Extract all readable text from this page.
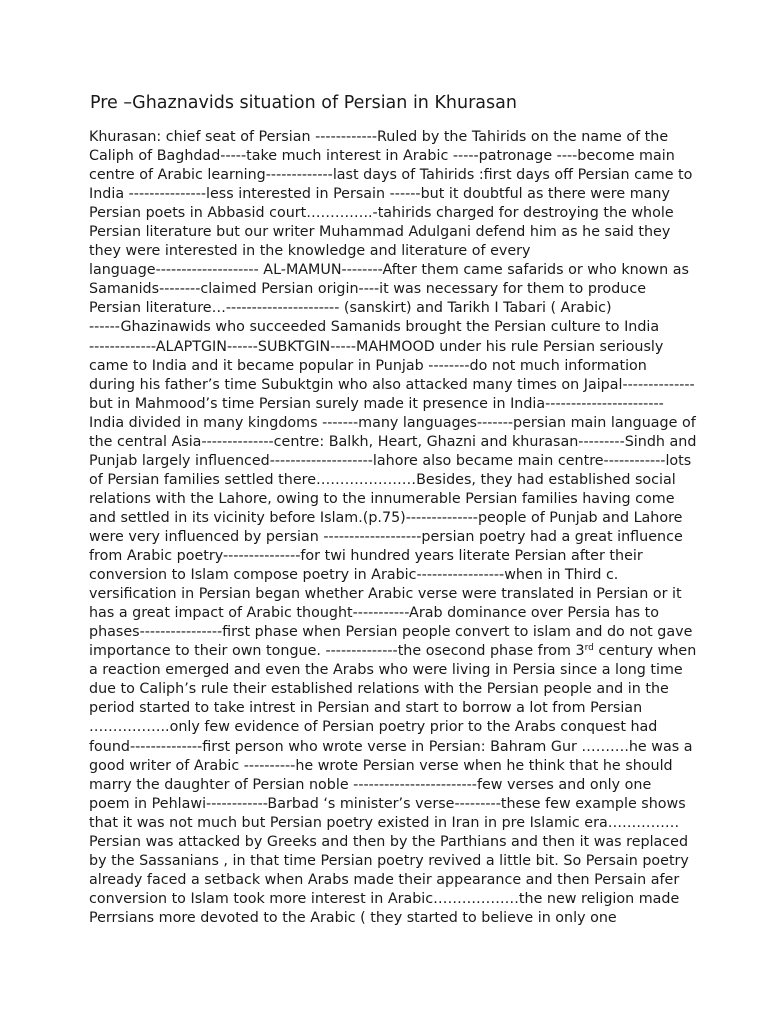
Pre –Ghaznavids situation of Persian in Khurasan
Khurasan: chief seat of Persian ------------Ruled by the Tahirids on the name of the
Caliph of Baghdad-----take much interest in Arabic -----patronage ----become main
centre of Arabic learning-------------last days of Tahirids :first days off Persian came to
India ---------------less interested in Persain ------but it doubtful as there were many
Persian poets in Abbasid court…………..-tahirids charged for destroying the whole
Persian literature but our writer Muhammad Adulgani defend him as he said they
they were interested in the knowledge and literature of every
language-------------------- AL-MAMUN--------After them came safarids or who known as
Samanids--------claimed Persian origin----it was necessary for them to produce
Persian literature…---------------------- (sanskirt) and Tarikh I Tabari ( Arabic)
------Ghazinawids who succeeded Samanids brought the Persian culture to India
-------------ALAPTGIN------SUBKTGIN-----MAHMOOD under his rule Persian seriously
came to India and it became popular in Punjab --------do not much information
during his father’s time Subuktgin who also attacked many times on Jaipal--------------
but in Mahmood’s time Persian surely made it presence in India-----------------------
India divided in many kingdoms -------many languages-------persian main language of
the central Asia--------------centre: Balkh, Heart, Ghazni and khurasan---------Sindh and
Punjab largely influenced--------------------lahore also became main centre------------lots
of Persian families settled there…………………Besides, they had established social
relations with the Lahore, owing to the innumerable Persian families having come
and settled in its vicinity before Islam.(p.75)--------------people of Punjab and Lahore
were very influenced by persian -------------------persian poetry had a great influence
from Arabic poetry---------------for twi hundred years literate Persian after their
conversion to Islam compose poetry in Arabic-----------------when in Third c.
versification in Persian began whether Arabic verse were translated in Persian or it
has a great impact of Arabic thought-----------Arab dominance over Persia has to
phases----------------first phase when Persian people convert to islam and do not gave
importance to their own tongue. --------------the osecond phase from 3rd century when
a reaction emerged and even the Arabs who were living in Persia since a long time
due to Caliph’s rule their established relations with the Persian people and in the
period started to take intrest in Persian and start to borrow a lot from Persian
……………..only few evidence of Persian poetry prior to the Arabs conquest had
found--------------first person who wrote verse in Persian: Bahram Gur ……….he was a
good writer of Arabic ----------he wrote Persian verse when he think that he should
marry the daughter of Persian noble ------------------------few verses and only one
poem in Pehlawi------------Barbad ‘s minister’s verse---------these few example shows
that it was not much but Persian poetry existed in Iran in pre Islamic era……………
Persian was attacked by Greeks and then by the Parthians and then it was replaced
by the Sassanians , in that time Persian poetry revived a little bit. So Persain poetry
already faced a setback when Arabs made their appearance and then Persain afer
conversion to Islam took more interest in Arabic………………the new religion made
Perrsians more devoted to the Arabic ( they started to believe in only one
